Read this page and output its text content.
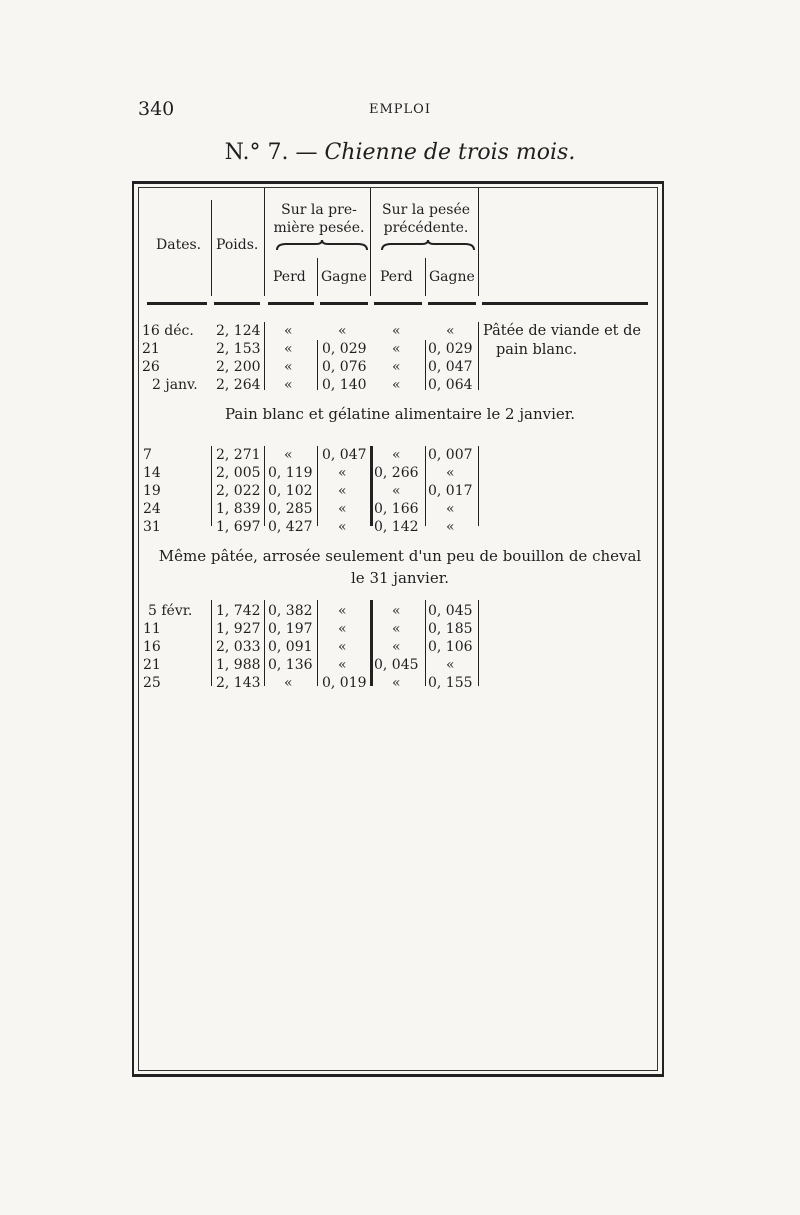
340	EMPLOI
N.° 7. — Chienne de trois mois.
Dates. Poids.
Sur la pre-
mière pesée.
Sur la pesée
précédente.
Perd Gagne Perd Gagne
16 déc. 2, 124 «	«	«	«
21	2, 153 « 0, 029 « 0, 029
26	2, 200 « 0, 076 « 0, 047
2 janv. 2, 264 « 0, 140 « 0, 064
Pâtée de viande et de
pain blanc.
Pain blanc et gélatine alimentaire le 2 janvier.
7	2, 271 « 0, 047 « 0, 007
14	2, 005 0, 119 « 0, 266 «
19	2, 022 0, 102 «	« 0, 017
24	1, 839 0, 285 « 0, 166 «
31	1, 697 0, 427 « 0, 142 «
Même pâtée, arrosée seulement d'un peu de bouillon de cheval
le 31 janvier.
5 févr. 1, 742 0, 382 «	« 0, 045
11	1, 927 0, 197 «	« 0, 185
16	2, 033 0, 091 «	« 0, 106
21	1, 988 0, 136 « 0, 045 «
25	2, 143 « 0, 019 « 0, 155
